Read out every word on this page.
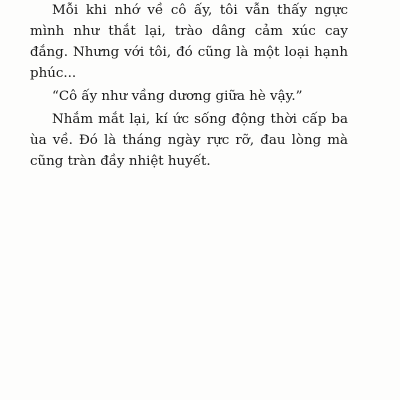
Mỗi khi nhớ về cô ấy, tôi vẫn thấy ngực mình như thắt lại, trào dâng cảm xúc cay đắng. Nhưng với tôi, đó cũng là một loại hạnh phúc...

“Cô ấy như vầng dương giữa hè vậy.”

Nhắm mắt lại, kí ức sống động thời cấp ba ùa về. Đó là tháng ngày rực rỡ, đau lòng mà cũng tràn đầy nhiệt huyết.
